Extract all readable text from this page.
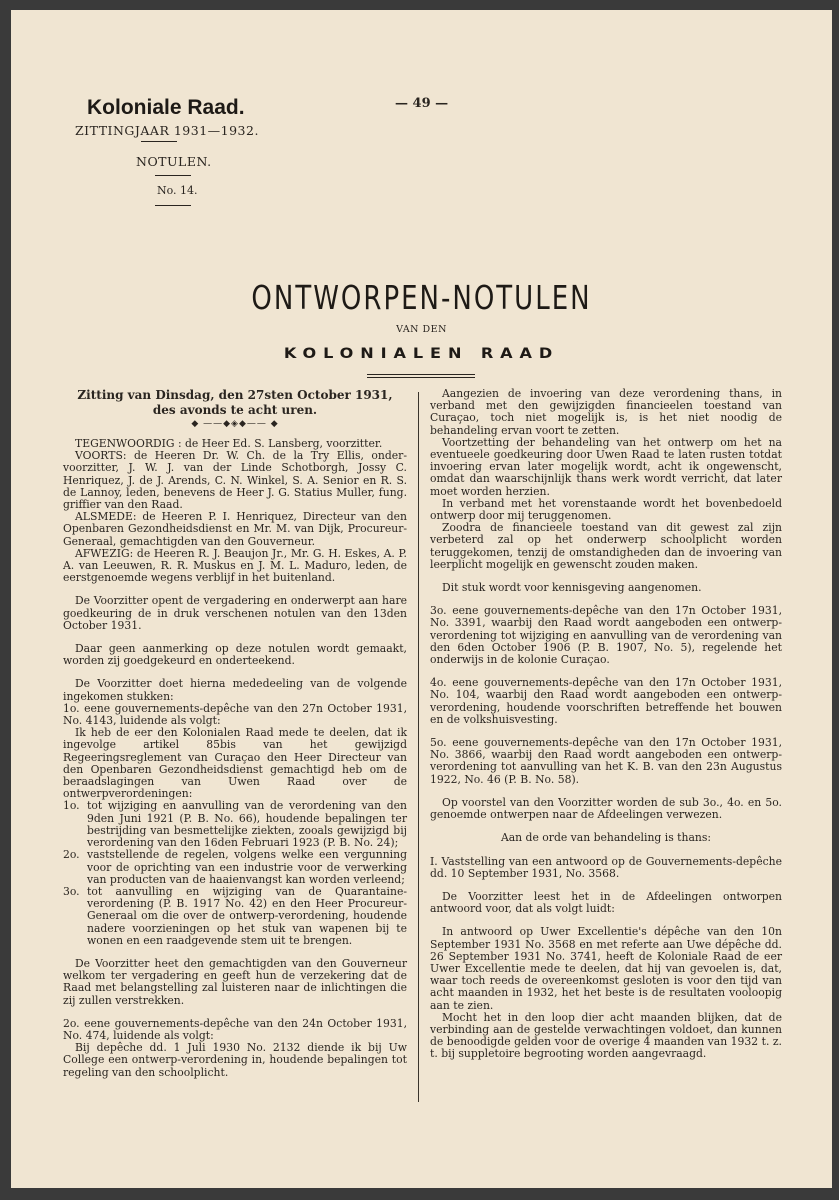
Koloniale Raad.
ZITTINGJAAR 1931—1932.
NOTULEN.
No. 14.
— 49 —
ONTWORPEN-NOTULEN
VAN DEN
KOLONIALEN RAAD

Zitting van Dinsdag, den 27sten October 1931,

des avonds te acht uren.

◆ ——◆◈◆—— ◆

TEGENWOORDIG : de Heer Ed. S. Lansberg, voorzitter.

VOORTS: de Heeren Dr. W. Ch. de la Try Ellis, onder-voorzitter, J. W. J. van der Linde Schotborgh, Jossy C. Henriquez, J. de J. Arends, C. N. Winkel, S. A. Senior en R. S. de Lannoy, leden, benevens de Heer J. G. Statius Muller, fung. griffier van den Raad.

ALSMEDE: de Heeren P. I. Henriquez, Directeur van den Openbaren Gezondheidsdienst en Mr. M. van Dijk, Procureur-Generaal, gemachtigden van den Gouverneur.

AFWEZIG: de Heeren R. J. Beaujon Jr., Mr. G. H. Eskes, A. P. A. van Leeuwen, R. R. Muskus en J. M. L. Maduro, leden, de eerstgenoemde wegens verblijf in het buitenland.

De Voorzitter opent de vergadering en onderwerpt aan hare goedkeuring de in druk verschenen notulen van den 13den October 1931.

Daar geen aanmerking op deze notulen wordt gemaakt, worden zij goedgekeurd en onderteekend.

De Voorzitter doet hierna mededeeling van de volgende ingekomen stukken:

1o. eene gouvernements-depêche van den 27n October 1931, No. 4143, luidende als volgt:

Ik heb de eer den Kolonialen Raad mede te deelen, dat ik ingevolge artikel 85bis van het gewijzigd Regeeringsreglement van Curaçao den Heer Directeur van den Openbaren Gezondheidsdienst gemachtigd heb om de beraadslagingen van Uwen Raad over de ontwerpverordeningen:

1o. tot wijziging en aanvulling van de verordening van den 9den Juni 1921 (P. B. No. 66), houdende bepalingen ter bestrijding van besmettelijke ziekten, zooals gewijzigd bij verordening van den 16den Februari 1923 (P. B. No. 24);
2o. vaststellende de regelen, volgens welke een vergunning voor de oprichting van een industrie voor de verwerking van producten van de haaienvangst kan worden verleend;
3o. tot aanvulling en wijziging van de Quarantaine-verordening (P. B. 1917 No. 42) en den Heer Procureur-Generaal om die over de ontwerp-verordening, houdende nadere voorzieningen op het stuk van wapenen bij te wonen en een raadgevende stem uit te brengen.

De Voorzitter heet den gemachtigden van den Gouverneur welkom ter vergadering en geeft hun de verzekering dat de Raad met belangstelling zal luisteren naar de inlichtingen die zij zullen verstrekken.

2o. eene gouvernements-depêche van den 24n October 1931, No. 474, luidende als volgt:

Bij depêche dd. 1 Juli 1930 No. 2132 diende ik bij Uw College een ontwerp-verordening in, houdende bepalingen tot regeling van den schoolplicht.

Aangezien de invoering van deze verordening thans, in verband met den gewijzigden financieelen toestand van Curaçao, toch niet mogelijk is, is het niet noodig de behandeling ervan voort te zetten.

Voortzetting der behandeling van het ontwerp om het na eventueele goedkeuring door Uwen Raad te laten rusten totdat invoering ervan later mogelijk wordt, acht ik ongewenscht, omdat dan waarschijnlijk thans werk wordt verricht, dat later moet worden herzien.

In verband met het vorenstaande wordt het bovenbedoeld ontwerp door mij teruggenomen.

Zoodra de financieele toestand van dit gewest zal zijn verbeterd zal op het onderwerp schoolplicht worden teruggekomen, tenzij de omstandigheden dan de invoering van leerplicht mogelijk en gewenscht zouden maken.

Dit stuk wordt voor kennisgeving aangenomen.

3o. eene gouvernements-depêche van den 17n October 1931, No. 3391, waarbij den Raad wordt aangeboden een ontwerp-verordening tot wijziging en aanvulling van de verordening van den 6den October 1906 (P. B. 1907, No. 5), regelende het onderwijs in de kolonie Curaçao.

4o. eene gouvernements-depêche van den 17n October 1931, No. 104, waarbij den Raad wordt aangeboden een ontwerp-verordening, houdende voorschriften betreffende het bouwen en de volkshuisvesting.

5o. eene gouvernements-depêche van den 17n October 1931, No. 3866, waarbij den Raad wordt aangeboden een ontwerp-verordening tot aanvulling van het K. B. van den 23n Augustus 1922, No. 46 (P. B. No. 58).

Op voorstel van den Voorzitter worden de sub 3o., 4o. en 5o. genoemde ontwerpen naar de Afdeelingen verwezen.

Aan de orde van behandeling is thans:

I. Vaststelling van een antwoord op de Gouvernements-depêche dd. 10 September 1931, No. 3568.

De Voorzitter leest het in de Afdeelingen ontworpen antwoord voor, dat als volgt luidt:

In antwoord op Uwer Excellentie's dépêche van den 10n September 1931 No. 3568 en met referte aan Uwe dépêche dd. 26 September 1931 No. 3741, heeft de Koloniale Raad de eer Uwer Excellentie mede te deelen, dat hij van gevoelen is, dat, waar toch reeds de overeenkomst gesloten is voor den tijd van acht maanden in 1932, het het beste is de resultaten vooloopig aan te zien.

Mocht het in den loop dier acht maanden blijken, dat de verbinding aan de gestelde verwachtingen voldoet, dan kunnen de benoodigde gelden voor de overige 4 maanden van 1932 t. z. t. bij suppletoire begrooting worden aangevraagd.
